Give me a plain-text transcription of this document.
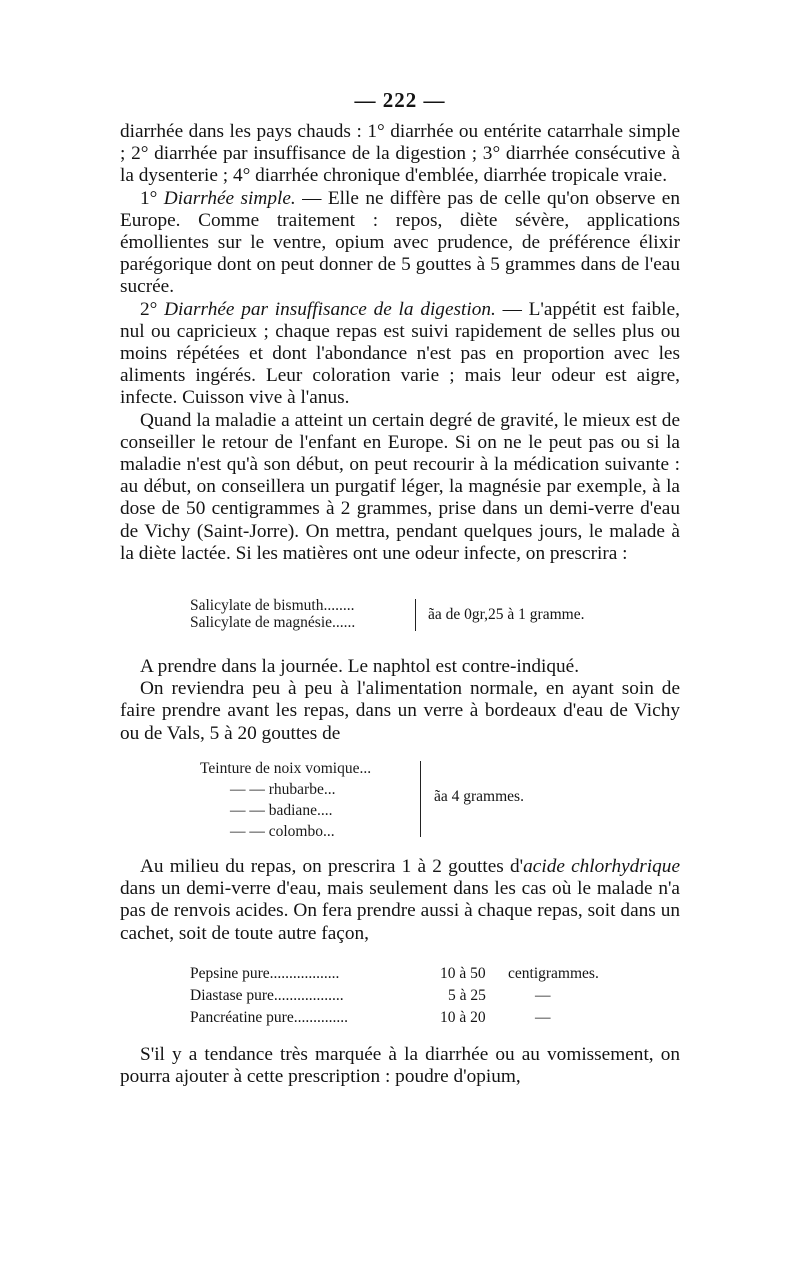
— 222 —

diarrhée dans les pays chauds : 1° diarrhée ou entérite catarrhale simple ; 2° diarrhée par insuffisance de la digestion ; 3° diarrhée consécutive à la dysenterie ; 4° diarrhée chronique d'emblée, diarrhée tropicale vraie.

1° Diarrhée simple. — Elle ne diffère pas de celle qu'on observe en Europe. Comme traitement : repos, diète sévère, applications émollientes sur le ventre, opium avec prudence, de préférence élixir parégorique dont on peut donner de 5 gouttes à 5 grammes dans de l'eau sucrée.

2° Diarrhée par insuffisance de la digestion. — L'appétit est faible, nul ou capricieux ; chaque repas est suivi rapidement de selles plus ou moins répétées et dont l'abondance n'est pas en proportion avec les aliments ingérés. Leur coloration varie ; mais leur odeur est aigre, infecte. Cuisson vive à l'anus.

Quand la maladie a atteint un certain degré de gravité, le mieux est de conseiller le retour de l'enfant en Europe. Si on ne le peut pas ou si la maladie n'est qu'à son début, on peut recourir à la médication suivante : au début, on conseillera un purgatif léger, la magnésie par exemple, à la dose de 50 centigrammes à 2 grammes, prise dans un demi-verre d'eau de Vichy (Saint-Jorre). On mettra, pendant quelques jours, le malade à la diète lactée. Si les matières ont une odeur infecte, on prescrira :

Salicylate de bismuth........
Salicylate de magnésie......	ãa de 0gr,25 à 1 gramme.

A prendre dans la journée. Le naphtol est contre-indiqué.

On reviendra peu à peu à l'alimentation normale, en ayant soin de faire prendre avant les repas, dans un verre à bordeaux d'eau de Vichy ou de Vals, 5 à 20 gouttes de

Teinture de noix vomique...
— — rhubarbe...
— — badiane....
— — colombo...
ãa 4 grammes.

Au milieu du repas, on prescrira 1 à 2 gouttes d'acide chlorhydrique dans un demi-verre d'eau, mais seulement dans les cas où le malade n'a pas de renvois acides. On fera prendre aussi à chaque repas, soit dans un cachet, soit de toute autre façon,

Pepsine pure..................	10 à 50 centigrammes.
Diastase pure..................	5 à 25	—
Pancréatine pure..............	10 à 20	—

S'il y a tendance très marquée à la diarrhée ou au vomissement, on pourra ajouter à cette prescription : poudre d'opium,
